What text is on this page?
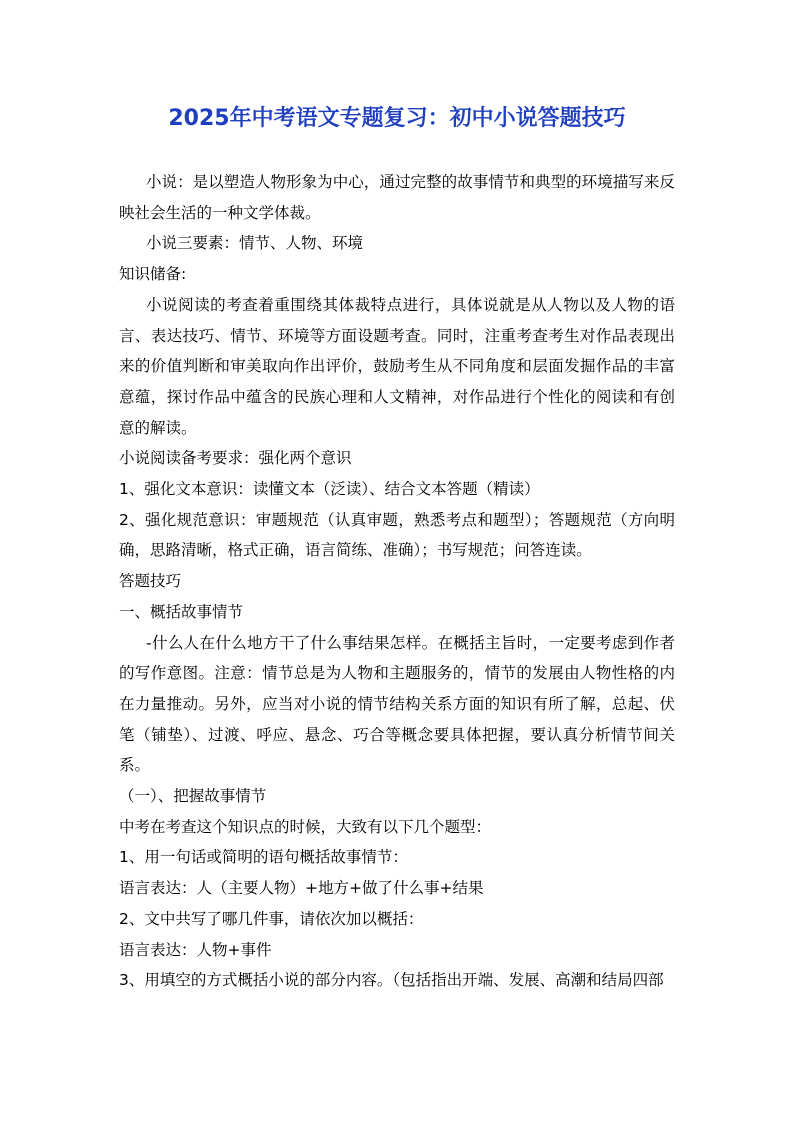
2025年中考语文专题复习：初中小说答题技巧

小说：是以塑造人物形象为中心，通过完整的故事情节和典型的环境描写来反映社会生活的一种文学体裁。

小说三要素：情节、人物、环境

知识储备:

小说阅读的考查着重围绕其体裁特点进行，具体说就是从人物以及人物的语言、表达技巧、情节、环境等方面设题考查。同时，注重考查考生对作品表现出来的价值判断和审美取向作出评价，鼓励考生从不同角度和层面发掘作品的丰富意蕴，探讨作品中蕴含的民族心理和人文精神，对作品进行个性化的阅读和有创意的解读。

小说阅读备考要求：强化两个意识

1、强化文本意识：读懂文本（泛读）、结合文本答题（精读）

2、强化规范意识：审题规范（认真审题，熟悉考点和题型）；答题规范（方向明确，思路清晰，格式正确，语言简练、准确）；书写规范；问答连读。

答题技巧

一、概括故事情节

-什么人在什么地方干了什么事结果怎样。在概括主旨时，一定要考虑到作者的写作意图。注意：情节总是为人物和主题服务的，情节的发展由人物性格的内在力量推动。另外，应当对小说的情节结构关系方面的知识有所了解，总起、伏笔（铺垫）、过渡、呼应、悬念、巧合等概念要具体把握，要认真分析情节间关系。

（一）、把握故事情节

中考在考查这个知识点的时候，大致有以下几个题型：

1、用一句话或简明的语句概括故事情节：

语言表达：人（主要人物）+地方+做了什么事+结果

2、文中共写了哪几件事，请依次加以概括：

语言表达：人物+事件

3、用填空的方式概括小说的部分内容。（包括指出开端、发展、高潮和结局四部
